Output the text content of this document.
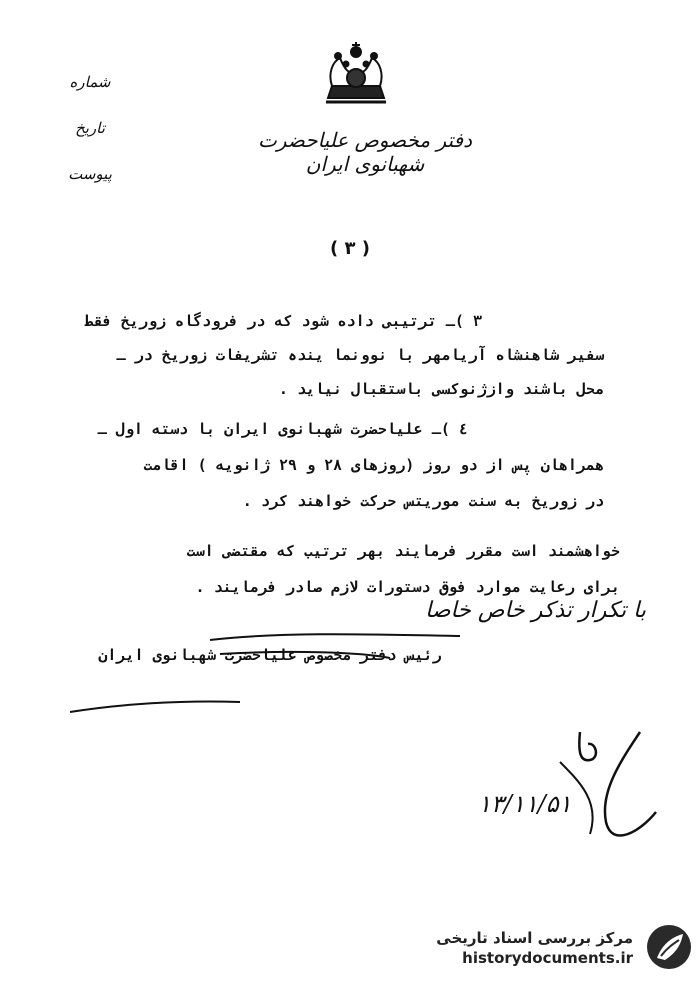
شماره
تاریخ
پیوست
دفتر مخصوص علیاحضرت شهبانوی ایران
( ۳ )
۳ )ـ ترتیبی داده شود که در فرودگاه زوریخ فقط
سفیر شاهنشاه آریامهر با نوونما یندہ تشریفات زوریخ در ـ
محل باشند وازژنوکسی باستقبال نیاید .
٤ )ـ علیاحضرت شهبانوی ایران با دسته اول ـ
همراهان پس از دو روز (روزهای ۲۸ و ۲۹ ژانویه ) اقامت
در زوریخ به سنت موریتس حرکت خواهند کرد .
خواهشمند است مقرر فرمایند بهر ترتیب که مقتضی است
برای رعایت موارد فوق دستورات لازم صادر فرمایند .
با تکرار تذکر خاص خاصا
رئیس دفتر مخصوص علیاحضرت شهبانوی ایران
۱۳/۱۱/۵۱
مرکز بررسی اسناد تاریخی
historydocuments.ir
